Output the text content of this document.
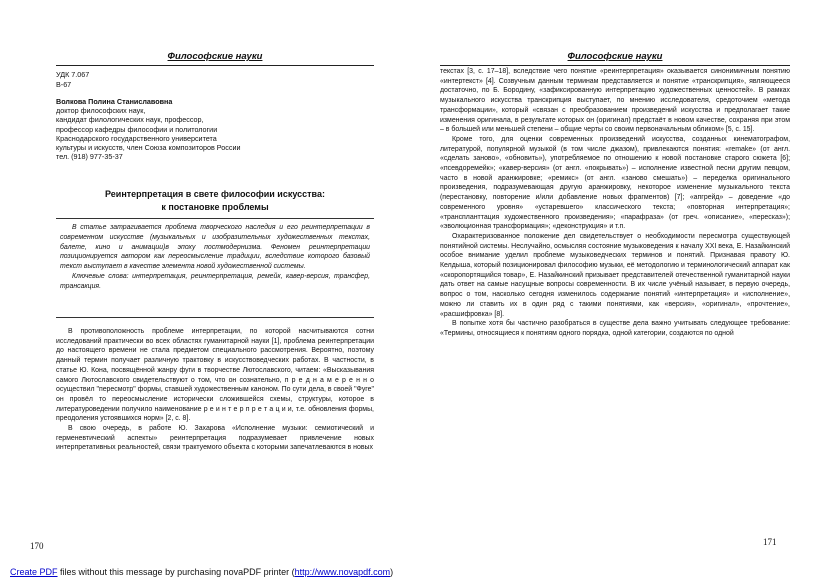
Философские науки
УДК 7.067
В-67
Волкова Полина Станиславовна
доктор философских наук,
кандидат филологических наук, профессор,
профессор кафедры философии и политологии
Краснодарского государственного университета
культуры и искусств, член Союза композиторов России
тел. (918) 977-35-37
Реинтерпретация в свете философии искусства:
к постановке проблемы

В статье затрагивается проблема творческого наследия и его реинтерпретации в современном искусстве (музыкальных и изобразительных художественных текстах, балете, кино и анимации)в эпоху постмодернизма. Феномен реинтерпретации позиционируется автором как переосмысление традиции, вследствие которого базовый текст выступает в качестве элемента новой художественной системы.

Ключевые слова: интерпретация, реинтерпретация, ремейк, кавер-версия, трансфер, трансакция.

В противоположность проблеме интерпретации, по которой насчитываются сотни исследований практически во всех областях гуманитарной науки [1], проблема реинтерпретации до настоящего времени не стала предметом специального рассмотрения. Вероятно, поэтому данный термин получает различную трактовку в искусствоведческих работах. В частности, в статье Ю. Кона, посвящённой жанру фуги в творчестве Лютославского, читаем: «Высказывания самого Лютославского свидетельствуют о том, что он сознательно, п р е д н а м е р е н н о осуществил "пересмотр" формы, ставшей художественным каноном. По сути дела, в своей "Фуге" он провёл то переосмысление исторически сложившейся схемы, структуры, которое в литературоведении получило наименование р е и н т е р п р е т а ц и и, т.е. обновления формы, преодоления устоявшихся норм» [2, с. 8].

В свою очередь, в работе Ю. Захарова «Исполнение музыки: семиотический и герменевтический аспекты» реинтерпретация подразумевает привлечение новых интерпретативных реальностей, связи трактуемого объекта с которыми запечатлеваются в новых

170
Философские науки

текстах [3, с. 17–18], вследствие чего понятие «реинтерпретация» оказывается синонимичным понятию «интертекст» [4]. Созвучным данным терминам представляется и понятие «транскрипция», являющееся достаточно, по Б. Бородину, «зафиксированную интерпретацию художественных ценностей». В рамках музыкального искусства транскрипция выступает, по мнению исследователя, средоточием «метода трансформации», который «связан с преобразованием произведений искусства и предполагает такие изменения оригинала, в результате которых он (оригинал) предстаёт в новом качестве, сохраняя при этом – в большей или меньшей степени – общие черты со своим первоначальным обликом» [5, с. 15].

Кроме того, для оценки современных произведений искусства, созданных кинематографом, литературой, популярной музыкой (в том числе джазом), привлекаются понятия: «remake» (от англ. «сделать заново», «обновить»), употребляемое по отношению к новой постановке старого сюжета [6]; «псевдоремейк»; «кавер-версия» (от англ. «покрывать») – исполнение известной песни другим певцом, часто в новой аранжировке; «ремикс» (от англ. «заново смешать») – переделка оригинального произведения, подразумевающая другую аранжировку, некоторое изменение музыкального текста (перестановку, повторение и/или добавление новых фрагментов) [7]; «апгрейд» – доведение «до современного уровня» «устаревшего» классического текста; «повторная интерпретация»; «транспланттация художественного произведения»; «парафраза» (от греч. «описание», «пересказ»); «эволюционная трансформация»; «деконструкция» и т.п.

Охарактеризованное положение дел свидетельствует о необходимости пересмотра существующей понятийной системы. Неслучайно, осмысляя состояние музыковедения к началу XXI века, Е. Назайкинский особое внимание уделил проблеме музыковедческих терминов и понятий. Признавая правоту Ю. Келдыша, который позиционировал философию музыки, её методологию и терминологический аппарат как «скоропортящийся товар», Е. Назайкинский призывает представителей отечественной гуманитарной науки дать ответ на самые насущные вопросы современности. В их числе учёный называет, в первую очередь, вопрос о том, насколько сегодня изменилось содержание понятий «интерпретация» и «исполнение», можно ли ставить их в один ряд с такими понятиями, как «версия», «оригинал», «прочтение», «расшифровка» [8].

В попытке хотя бы частично разобраться в существе дела важно учитывать следующее требование: «Термины, относящиеся к понятиям одного порядка, одной категории, создаются по одной

171
Create PDF files without this message by purchasing novaPDF printer (http://www.novapdf.com)
